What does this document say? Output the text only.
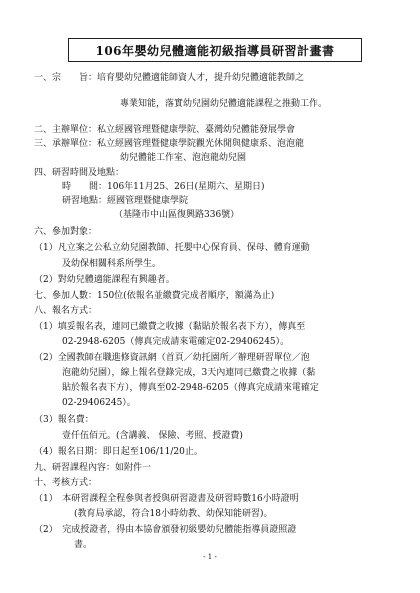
106年嬰幼兒體適能初級指導員研習計畫書
一、宗　　旨：培育嬰幼兒體適能師資人才，提升幼兒體適能教師之
專業知能，落實幼兒園幼兒體適能課程之推動工作。
二、主辦單位：私立經國管理暨健康學院、臺灣幼兒體能發展學會
三、承辦單位：私立經國管理暨健康學院觀光休閒與健康系、泡泡龍
幼兒體能工作室、泡泡龍幼兒園
四、研習時間及地點：
時　　間：106年11月25、26日(星期六、星期日)
研習地點：經國管理暨健康學院
（基隆市中山區復興路336號）
六、參加對象：
（1）凡立案之公私立幼兒園教師、托嬰中心保育員、保母、體育運動
及幼保相關科系所學生。
（2）對幼兒體適能課程有興趣者。
七、參加人數：150位(依報名並繳費完成者順序，額滿為止)
八、報名方式：
（1）填妥報名表，連同已繳費之收據（黏貼於報名表下方），傳真至
02-2948-6205（傳真完成請來電確定02-29406245）。
（2）全國教師在職進修資訊網（首頁／幼托園所／辦理研習單位／泡
泡龍幼兒園），線上報名登錄完成，3天內連同已繳費之收據（黏
貼於報名表下方），傳真至02-2948-6205（傳真完成請來電確定
02-29406245）。
（3）報名費：
壹仟伍佰元。(含講義、 保險、考照、授證費)
（4）報名日期：即日起至106/11/20止。
九、研習課程內容：如附件一
十、考核方式：
（1）　本研習課程全程參與者授與研習證書及研習時數16小時證明
(教育局承認，符合18小時幼教、幼保知能研習)。
（2）　完成授證者，得由本協會頒發初級嬰幼兒體能指導員證照證
書。
- 1 -
